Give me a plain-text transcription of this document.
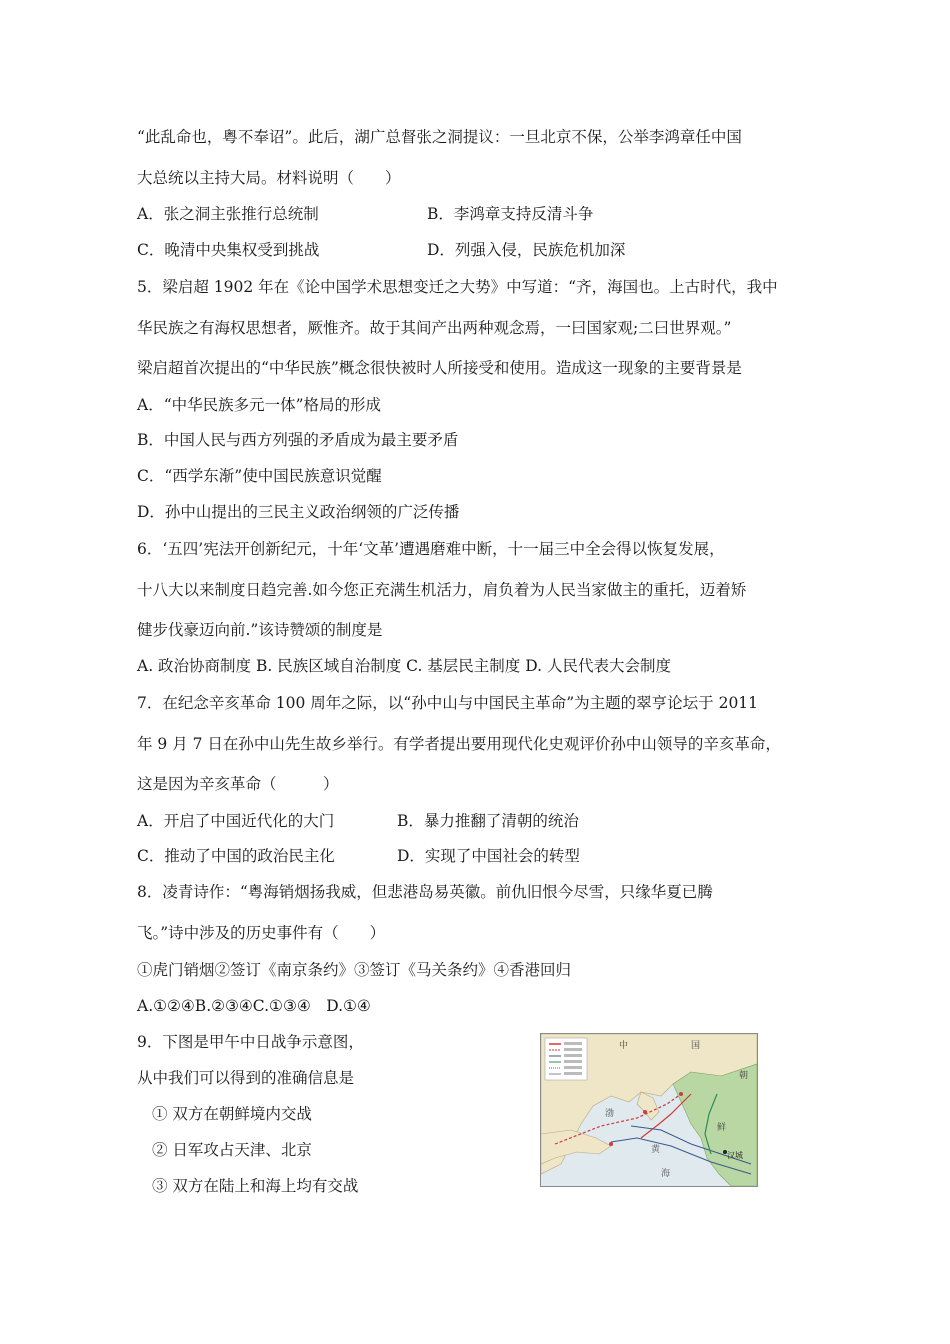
“此乱命也，粤不奉诏”。此后，湖广总督张之洞提议：一旦北京不保，公举李鸿章任中国
大总统以主持大局。材料说明（　　）
A．张之洞主张推行总统制	B．李鸿章支持反清斗争
C．晚清中央集权受到挑战	D．列强入侵，民族危机加深
5．梁启超 1902 年在《论中国学术思想变迁之大势》中写道：“齐，海国也。上古时代，我中
华民族之有海权思想者，厥惟齐。故于其间产出两种观念焉，一曰国家观;二曰世界观。”
梁启超首次提出的“中华民族”概念很快被时人所接受和使用。造成这一现象的主要背景是
A．“中华民族多元一体”格局的形成
B．中国人民与西方列强的矛盾成为最主要矛盾
C．“西学东渐”使中国民族意识觉醒
D．孙中山提出的三民主义政治纲领的广泛传播
6．‘五四’宪法开创新纪元，十年‘文革’遭遇磨难中断，十一届三中全会得以恢复发展，
十八大以来制度日趋完善.如今您正充满生机活力，肩负着为人民当家做主的重托，迈着矫
健步伐豪迈向前.”该诗赞颂的制度是
A. 政治协商制度 B. 民族区域自治制度 C. 基层民主制度 D. 人民代表大会制度
7．在纪念辛亥革命 100 周年之际，以“孙中山与中国民主革命”为主题的翠亨论坛于 2011
年 9 月 7 日在孙中山先生故乡举行。有学者提出要用现代化史观评价孙中山领导的辛亥革命，
这是因为辛亥革命（　　　）
A．开启了中国近代化的大门	B．暴力推翻了清朝的统治
C．推动了中国的政治民主化	D．实现了中国社会的转型
8．凌青诗作：“粤海销烟扬我威，但悲港岛易英徽。前仇旧恨今尽雪，只缘华夏已腾
飞。”诗中涉及的历史事件有（　　）
①虎门销烟②签订《南京条约》③签订《马关条约》④香港回归
A.①②④B.②③④C.①③④　D.①④
9．下图是甲午中日战争示意图，
从中我们可以得到的准确信息是
① 双方在朝鲜境内交战
② 日军攻占天津、北京
③ 双方在陆上和海上均有交战
中	国
朝
鲜
渤
黄
海
汉城
